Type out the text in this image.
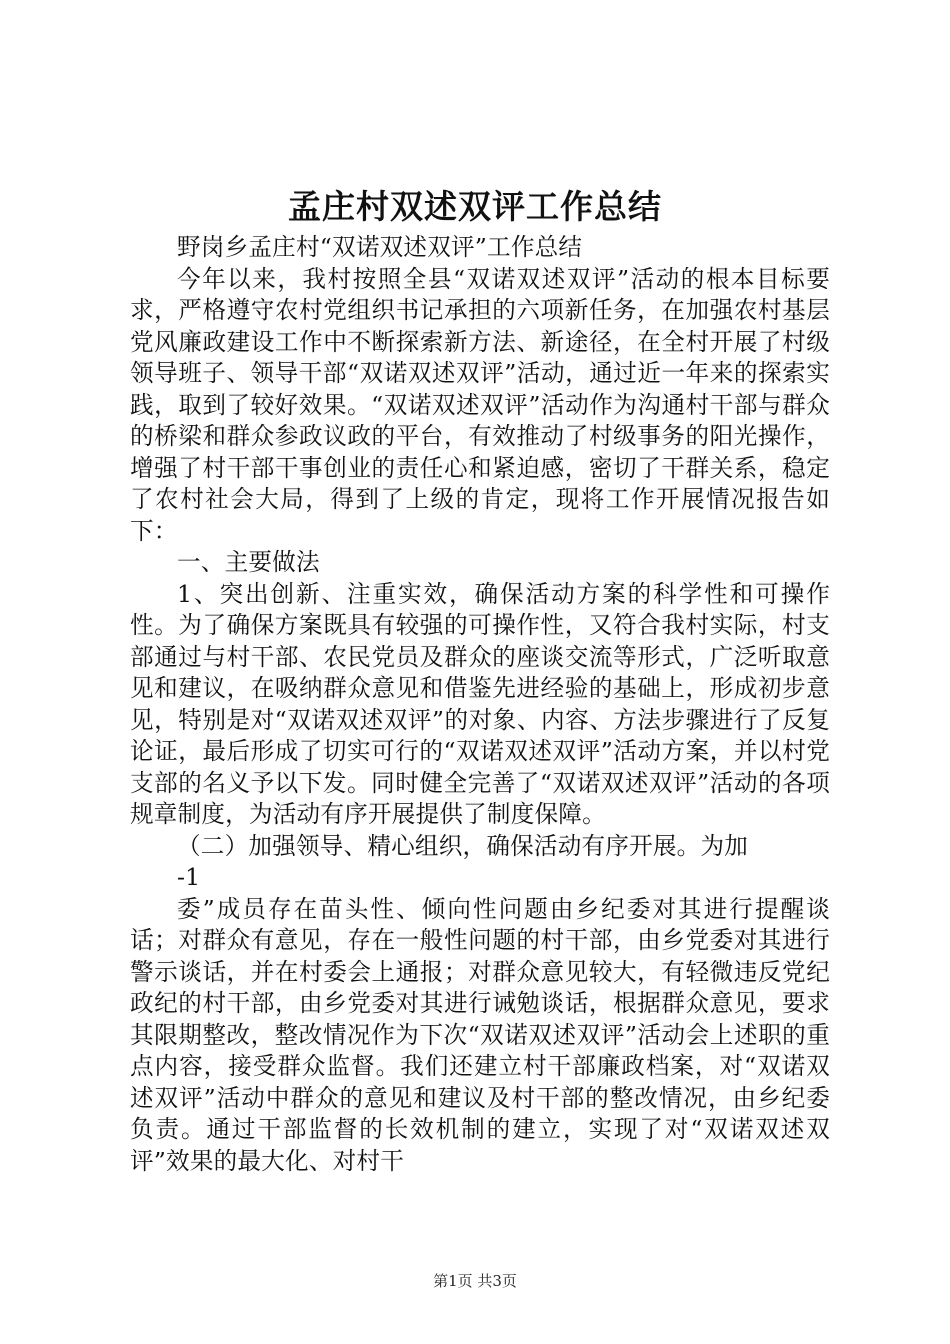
孟庄村双述双评工作总结

野岗乡孟庄村“双诺双述双评”工作总结

今年以来，我村按照全县“双诺双述双评”活动的根本目标要求，严格遵守农村党组织书记承担的六项新任务，在加强农村基层党风廉政建设工作中不断探索新方法、新途径，在全村开展了村级领导班子、领导干部“双诺双述双评”活动，通过近一年来的探索实践，取到了较好效果。“双诺双述双评”活动作为沟通村干部与群众的桥梁和群众参政议政的平台，有效推动了村级事务的阳光操作，增强了村干部干事创业的责任心和紧迫感，密切了干群关系，稳定了农村社会大局，得到了上级的肯定，现将工作开展情况报告如下：

一、主要做法

1、突出创新、注重实效，确保活动方案的科学性和可操作性。为了确保方案既具有较强的可操作性，又符合我村实际，村支部通过与村干部、农民党员及群众的座谈交流等形式，广泛听取意见和建议，在吸纳群众意见和借鉴先进经验的基础上，形成初步意见，特别是对“双诺双述双评”的对象、内容、方法步骤进行了反复论证，最后形成了切实可行的“双诺双述双评”活动方案，并以村党支部的名义予以下发。同时健全完善了“双诺双述双评”活动的各项规章制度，为活动有序开展提供了制度保障。

（二）加强领导、精心组织，确保活动有序开展。为加

-1

委”成员存在苗头性、倾向性问题由乡纪委对其进行提醒谈话；对群众有意见，存在一般性问题的村干部，由乡党委对其进行警示谈话，并在村委会上通报；对群众意见较大，有轻微违反党纪政纪的村干部，由乡党委对其进行诫勉谈话，根据群众意见，要求其限期整改，整改情况作为下次“双诺双述双评”活动会上述职的重点内容，接受群众监督。我们还建立村干部廉政档案，对“双诺双述双评”活动中群众的意见和建议及村干部的整改情况，由乡纪委负责。通过干部监督的长效机制的建立，实现了对“双诺双述双评”效果的最大化、对村干

第1页 共3页
